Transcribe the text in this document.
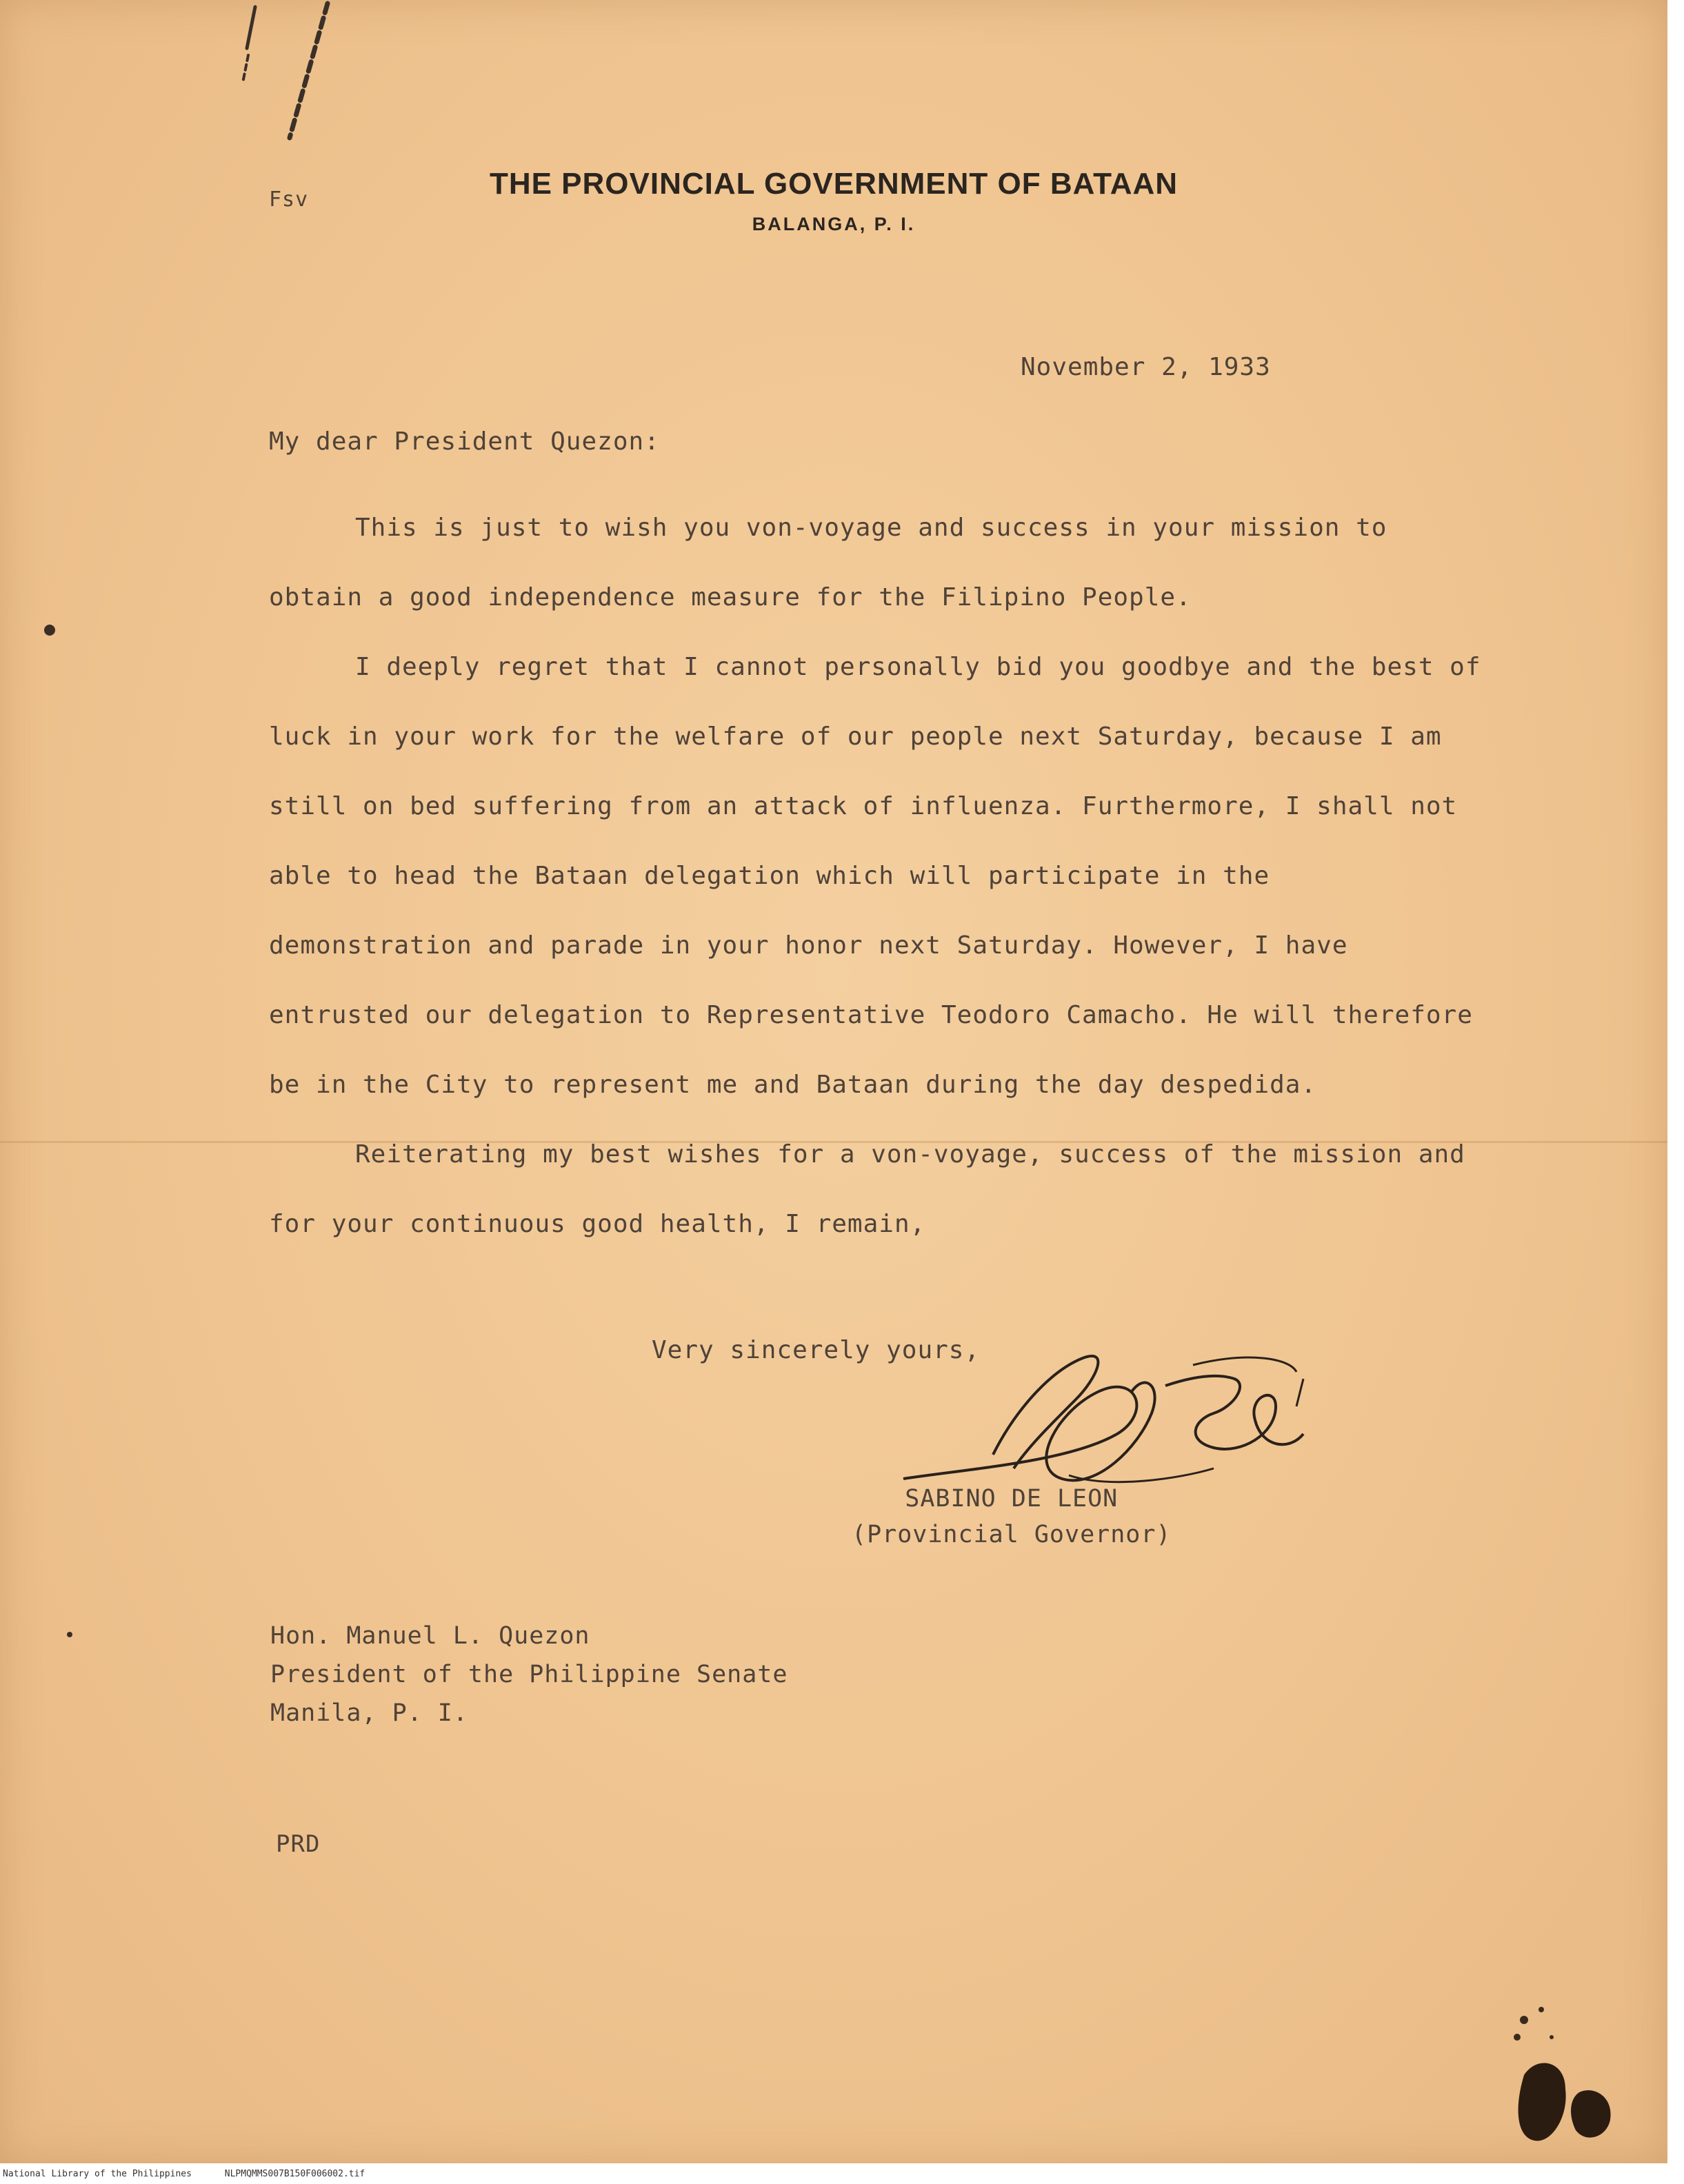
THE PROVINCIAL GOVERNMENT OF BATAAN
BALANGA, P. I.
Fsv
November 2, 1933
My dear President Quezon:

This is just to wish you von-voyage and success in your mission to obtain a good independence measure for the Filipino People.

I deeply regret that I cannot personally bid you goodbye and the best of luck in your work for the welfare of our people next Saturday, because I am still on bed suffering from an attack of influenza. Furthermore, I shall not able to head the Bataan delegation which will participate in the demonstration and parade in your honor next Saturday. However, I have entrusted our delegation to Representative Teodoro Camacho. He will therefore be in the City to represent me and Bataan during the day despedida.

Reiterating my best wishes for a von-voyage, success of the mission and for your continuous good health, I remain,

Very sincerely yours,
SABINO DE LEON
(Provincial Governor)
Hon. Manuel L. Quezon
President of the Philippine Senate
Manila, P. I.
PRD
National Library of the Philippines	NLPMQMMS007B150F006002.tif
